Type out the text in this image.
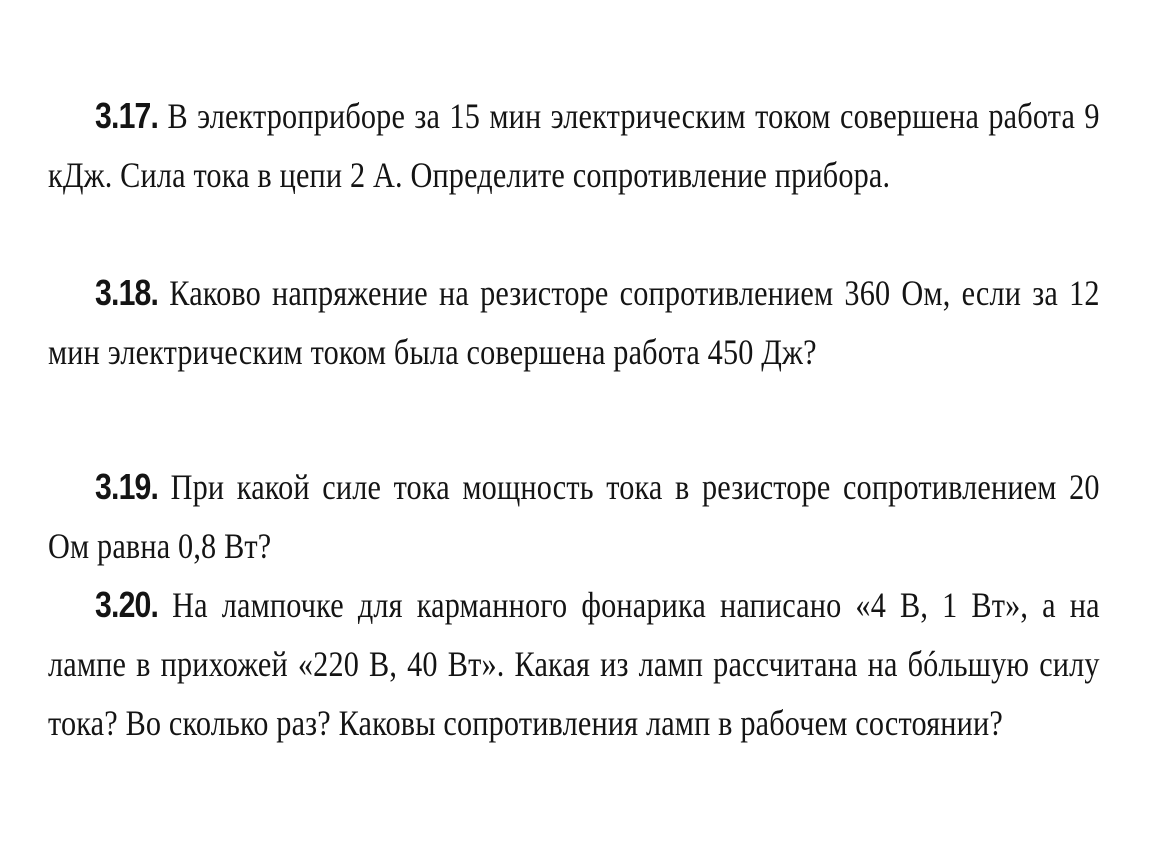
3.17. В электроприборе за 15 мин электрическим током совершена работа 9 кДж. Сила тока в цепи 2 А. Определите сопротивление прибора.

3.18. Каково напряжение на резисторе сопротивлением 360 Ом, если за 12 мин электрическим током была совершена работа 450 Дж?

3.19. При какой силе тока мощность тока в резисторе сопротивлением 20 Ом равна 0,8 Вт?

3.20. На лампочке для карманного фонарика написано «4 В, 1 Вт», а на лампе в прихожей «220 В, 40 Вт». Какая из ламп рассчитана на бóльшую силу тока? Во сколько раз? Каковы сопротивления ламп в рабочем состоянии?
